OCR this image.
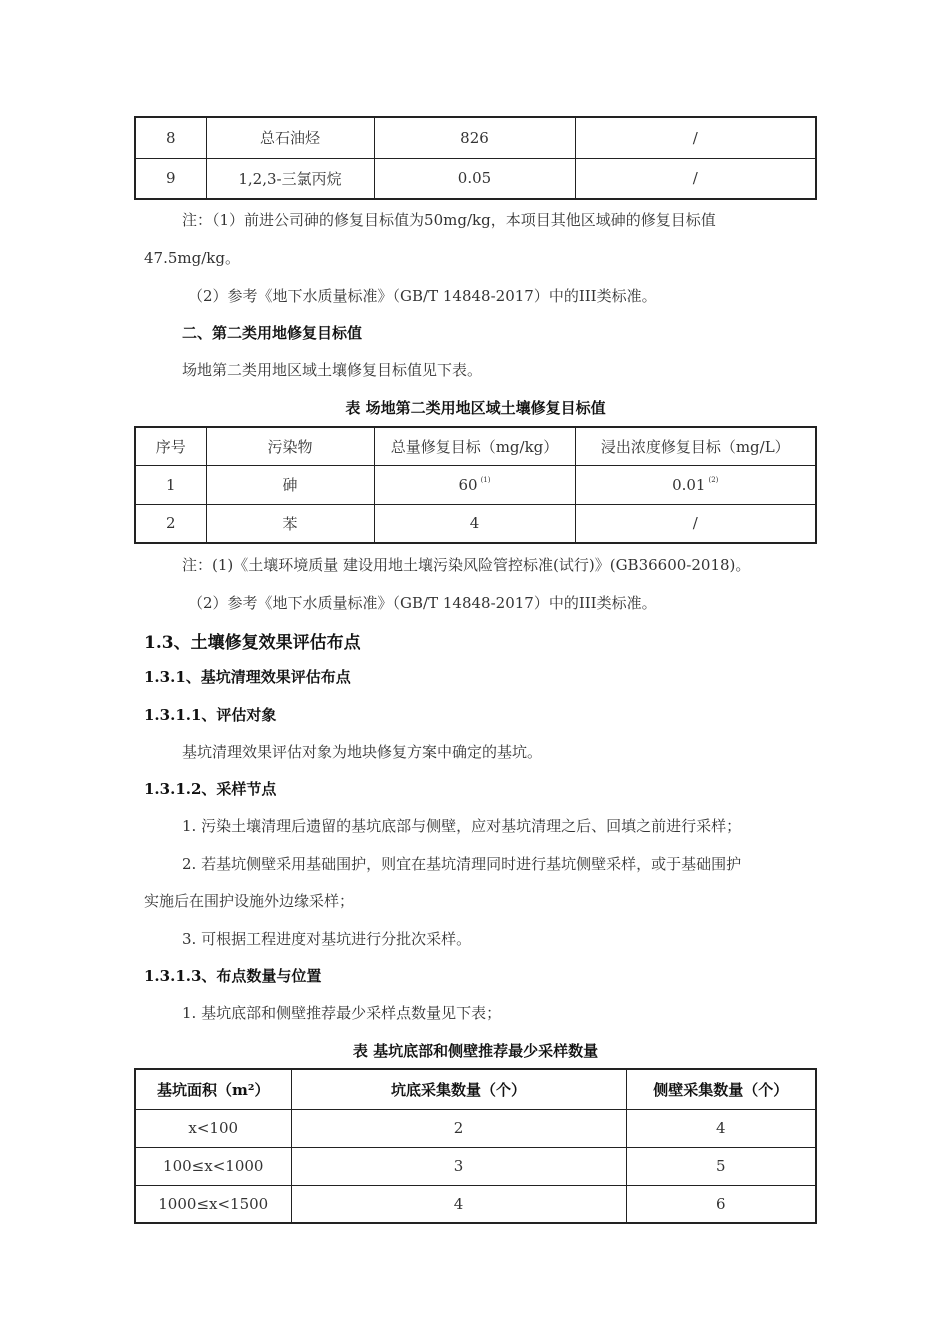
8	总石油烃	826	/
9	1,2,3-三氯丙烷	0.05	/
注：（1）前进公司砷的修复目标值为50mg/kg，本项目其他区域砷的修复目标值
47.5mg/kg。
（2）参考《地下水质量标准》（GB/T 14848-2017）中的III类标准。
二、第二类用地修复目标值
场地第二类用地区域土壤修复目标值见下表。
表 场地第二类用地区域土壤修复目标值
序号	污染物	总量修复目标（mg/kg）	浸出浓度修复目标（mg/L）
1	砷	60 $^{(1)}$	0.01 $^{(2)}$
2	苯	4	/
注：(1)《土壤环境质量 建设用地土壤污染风险管控标准(试行)》(GB36600-2018)。
（2）参考《地下水质量标准》（GB/T 14848-2017）中的III类标准。
1.3、土壤修复效果评估布点
1.3.1、基坑清理效果评估布点
1.3.1.1、评估对象
基坑清理效果评估对象为地块修复方案中确定的基坑。
1.3.1.2、采样节点
1. 污染土壤清理后遗留的基坑底部与侧壁，应对基坑清理之后、回填之前进行采样；
2. 若基坑侧壁采用基础围护，则宜在基坑清理同时进行基坑侧壁采样，或于基础围护
实施后在围护设施外边缘采样；
3. 可根据工程进度对基坑进行分批次采样。
1.3.1.3、布点数量与位置
1. 基坑底部和侧壁推荐最少采样点数量见下表；
表 基坑底部和侧壁推荐最少采样数量
基坑面积（m²）	坑底采集数量（个）	侧壁采集数量（个）
x<100	2	4
100≤x<1000	3	5
1000≤x<1500	4	6
